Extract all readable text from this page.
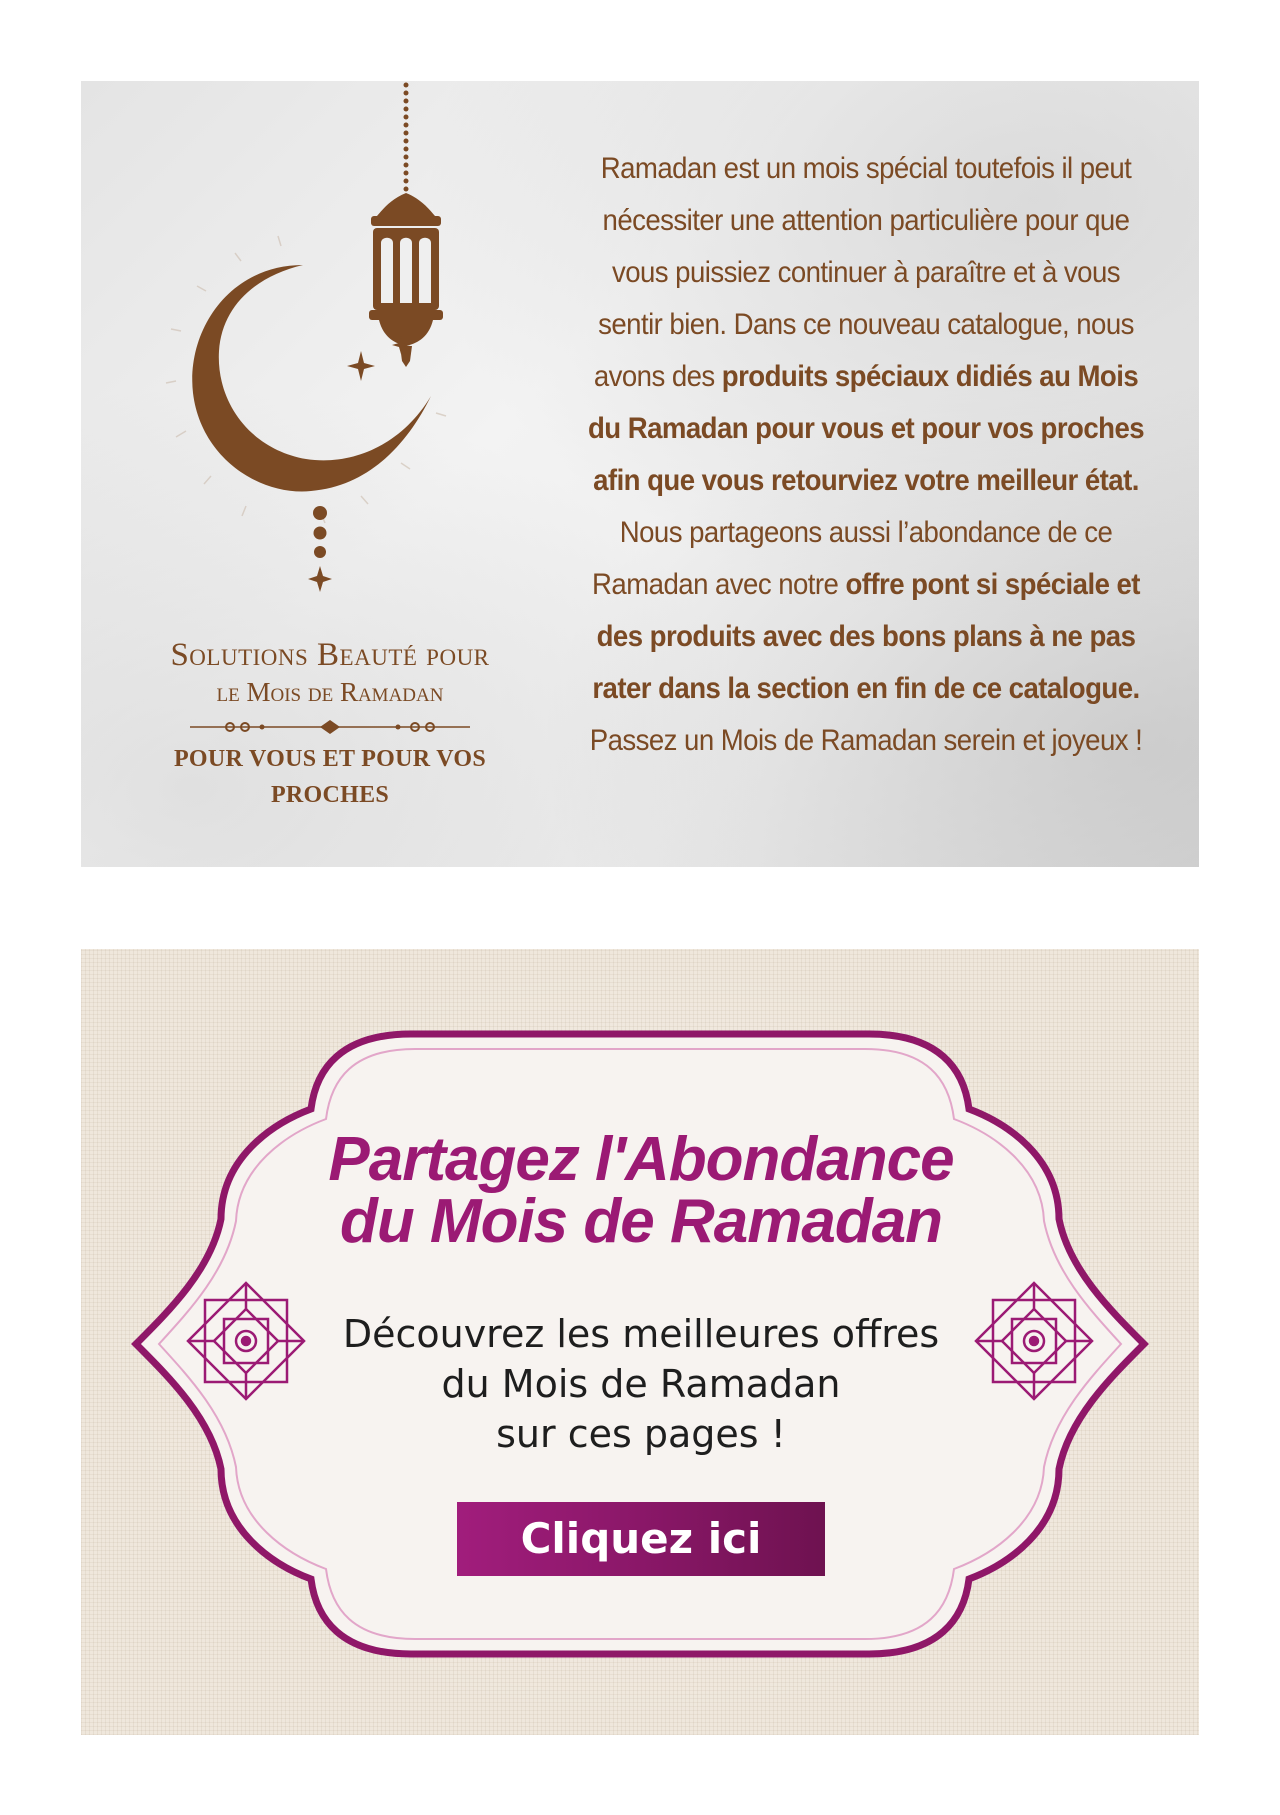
Solutions Beauté pour
le Mois de Ramadan
POUR VOUS ET POUR VOS
PROCHES

Ramadan est un mois spécial toutefois il peut nécessiter une attention particulière pour que vous puissiez continuer à paraître et à vous sentir bien. Dans ce nouveau catalogue, nous avons des produits spéciaux didiés au Mois du Ramadan pour vous et pour vos proches afin que vous retourviez votre meilleur état. Nous partageons aussi l’abondance de ce Ramadan avec notre offre pont si spéciale et des produits avec des bons plans à ne pas rater dans la section en fin de ce catalogue. Passez un Mois de Ramadan serein et joyeux !

Partagez l'Abondance
du Mois de Ramadan
Découvrez les meilleures offres
du Mois de Ramadan
sur ces pages !
Cliquez ici
